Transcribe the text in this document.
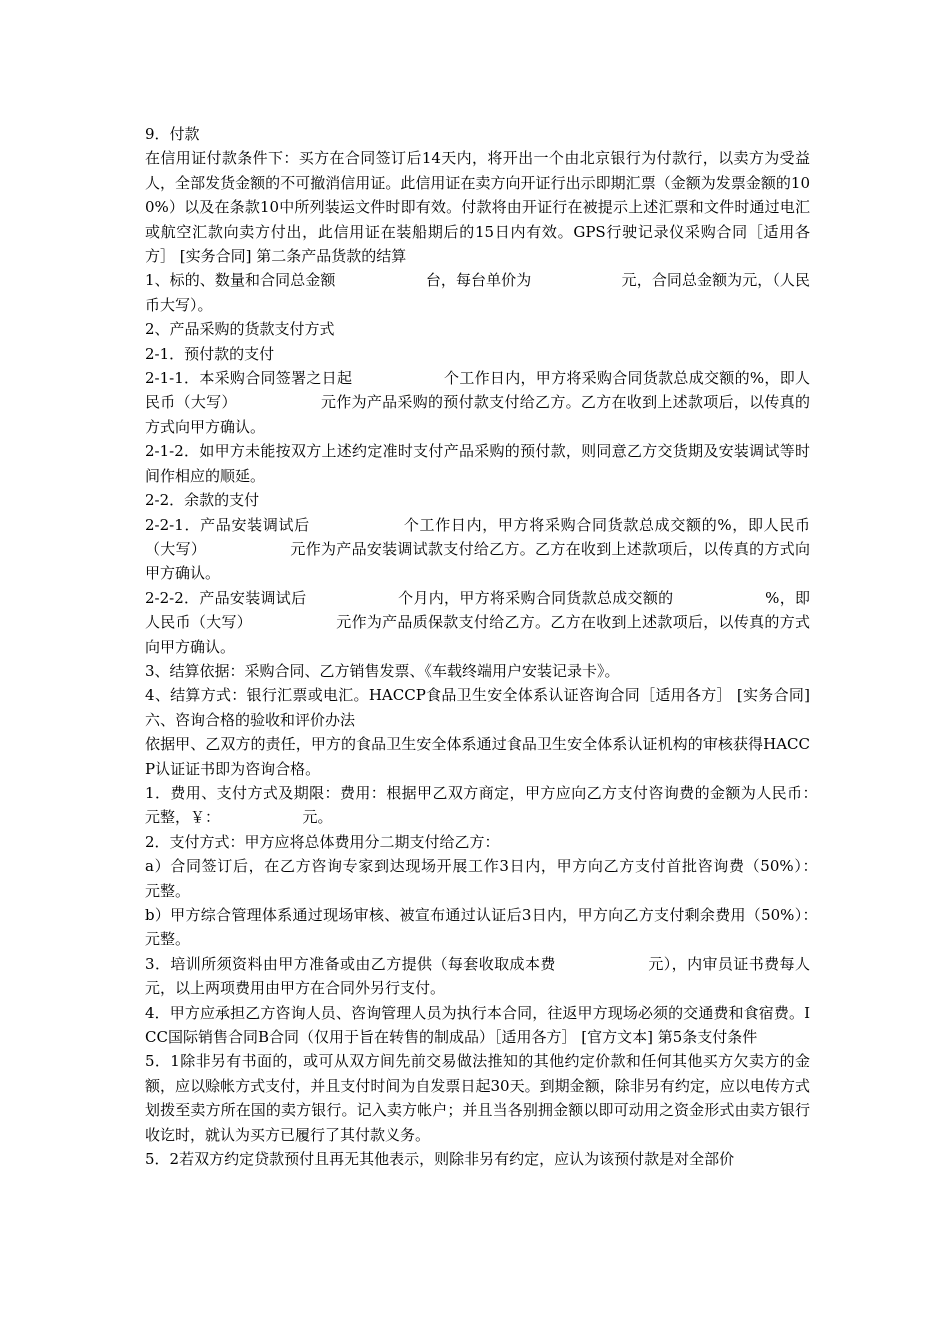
9．付款

在信用证付款条件下：买方在合同签订后14天内，将开出一个由北京银行为付款行，以卖方为受益人，全部发货金额的不可撤消信用证。此信用证在卖方向开证行出示即期汇票（金额为发票金额的100%）以及在条款10中所列装运文件时即有效。付款将由开证行在被提示上述汇票和文件时通过电汇或航空汇款向卖方付出，此信用证在装船期后的15日内有效。GPS行驶记录仪采购合同［适用各方］ [实务合同] 第二条产品货款的结算

1、标的、数量和合同总金额　　　　　　台，每台单价为　　　　　　元，合同总金额为元，（人民币大写）。

2、产品采购的货款支付方式

2-1．预付款的支付

2-1-1．本采购合同签署之日起　　　　　　个工作日内，甲方将采购合同货款总成交额的%，即人民币（大写）　　　　　　元作为产品采购的预付款支付给乙方。乙方在收到上述款项后，以传真的方式向甲方确认。

2-1-2．如甲方未能按双方上述约定准时支付产品采购的预付款，则同意乙方交货期及安装调试等时间作相应的顺延。

2-2．余款的支付

2-2-1．产品安装调试后　　　　　　个工作日内，甲方将采购合同货款总成交额的%，即人民币（大写）　　　　　　元作为产品安装调试款支付给乙方。乙方在收到上述款项后，以传真的方式向甲方确认。

2-2-2．产品安装调试后　　　　　　个月内，甲方将采购合同货款总成交额的　　　　　　%，即人民币（大写）　　　　　　元作为产品质保款支付给乙方。乙方在收到上述款项后，以传真的方式向甲方确认。

3、结算依据：采购合同、乙方销售发票、《车载终端用户安装记录卡》。

4、结算方式：银行汇票或电汇。HACCP食品卫生安全体系认证咨询合同［适用各方］ [实务合同] 六、咨询合格的验收和评价办法

依据甲、乙双方的责任，甲方的食品卫生安全体系通过食品卫生安全体系认证机构的审核获得HACCP认证证书即为咨询合格。

1．费用、支付方式及期限：费用：根据甲乙双方商定，甲方应向乙方支付咨询费的金额为人民币：　　　　　　元整，￥：　　　　　　元。

2．支付方式：甲方应将总体费用分二期支付给乙方：

a）合同签订后，在乙方咨询专家到达现场开展工作3日内，甲方向乙方支付首批咨询费（50%）：　　　　　　元整。

b）甲方综合管理体系通过现场审核、被宣布通过认证后3日内，甲方向乙方支付剩余费用（50%）：　　　　　　元整。

3．培训所须资料由甲方准备或由乙方提供（每套收取成本费　　　　　　元），内审员证书费每人　　　　　　元，以上两项费用由甲方在合同外另行支付。

4．甲方应承担乙方咨询人员、咨询管理人员为执行本合同，往返甲方现场必须的交通费和食宿费。ICC国际销售合同B合同（仅用于旨在转售的制成品）［适用各方］ [官方文本] 第5条支付条件

5．1除非另有书面的，或可从双方间先前交易做法推知的其他约定价款和任何其他买方欠卖方的金额，应以赊帐方式支付，并且支付时间为自发票日起30天。到期金额，除非另有约定，应以电传方式划拨至卖方所在国的卖方银行。记入卖方帐户；并且当各别拥金额以即可动用之资金形式由卖方银行收讫时，就认为买方已履行了其付款义务。

5．2若双方约定贷款预付且再无其他表示，则除非另有约定，应认为该预付款是对全部价
